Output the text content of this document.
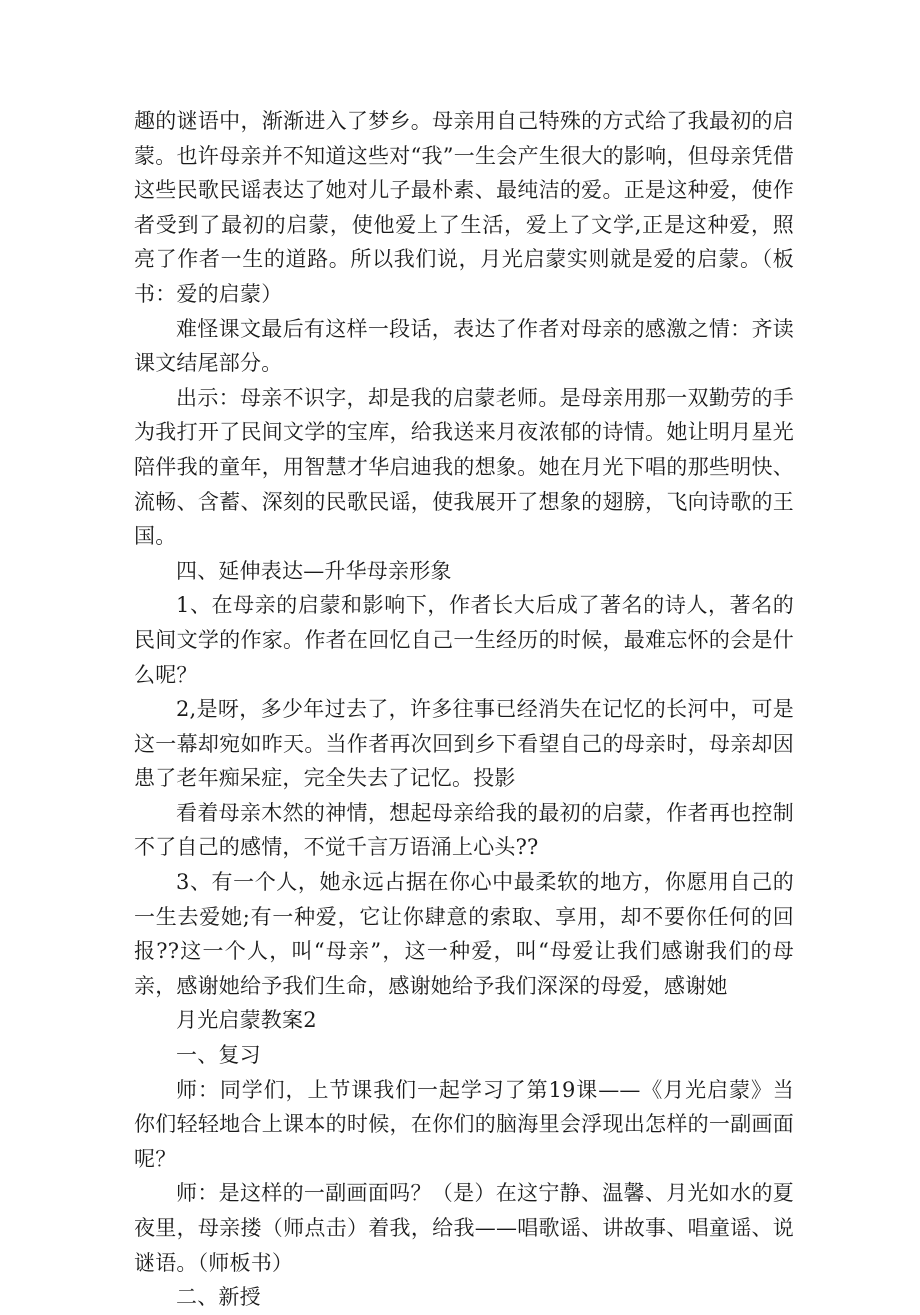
趣的谜语中，渐渐进入了梦乡。母亲用自己特殊的方式给了我最初的启蒙。也许母亲并不知道这些对“我”一生会产生很大的影响，但母亲凭借这些民歌民谣表达了她对儿子最朴素、最纯洁的爱。正是这种爱，使作者受到了最初的启蒙，使他爱上了生活，爱上了文学,正是这种爱，照亮了作者一生的道路。所以我们说，月光启蒙实则就是爱的启蒙。（板书：爱的启蒙）

难怪课文最后有这样一段话，表达了作者对母亲的感激之情：齐读课文结尾部分。

出示：母亲不识字，却是我的启蒙老师。是母亲用那一双勤劳的手为我打开了民间文学的宝库，给我送来月夜浓郁的诗情。她让明月星光陪伴我的童年，用智慧才华启迪我的想象。她在月光下唱的那些明快、流畅、含蓄、深刻的民歌民谣，使我展开了想象的翅膀，飞向诗歌的王国。

四、延伸表达—升华母亲形象

1、在母亲的启蒙和影响下，作者长大后成了著名的诗人，著名的民间文学的作家。作者在回忆自己一生经历的时候，最难忘怀的会是什么呢？

2,是呀，多少年过去了，许多往事已经消失在记忆的长河中，可是这一幕却宛如昨天。当作者再次回到乡下看望自己的母亲时，母亲却因患了老年痴呆症，完全失去了记忆。投影

看着母亲木然的神情，想起母亲给我的最初的启蒙，作者再也控制不了自己的感情，不觉千言万语涌上心头??

3、有一个人，她永远占据在你心中最柔软的地方，你愿用自己的一生去爱她;有一种爱，它让你肆意的索取、享用，却不要你任何的回报??这一个人，叫“母亲”，这一种爱，叫“母爱让我们感谢我们的母亲，感谢她给予我们生命，感谢她给予我们深深的母爱，感谢她

月光启蒙教案2

一、复习

师：同学们，上节课我们一起学习了第19课——《月光启蒙》当你们轻轻地合上课本的时候，在你们的脑海里会浮现出怎样的一副画面呢？

师：是这样的一副画面吗？（是）在这宁静、温馨、月光如水的夏夜里，母亲搂（师点击）着我，给我——唱歌谣、讲故事、唱童谣、说谜语。（师板书）

二、新授
